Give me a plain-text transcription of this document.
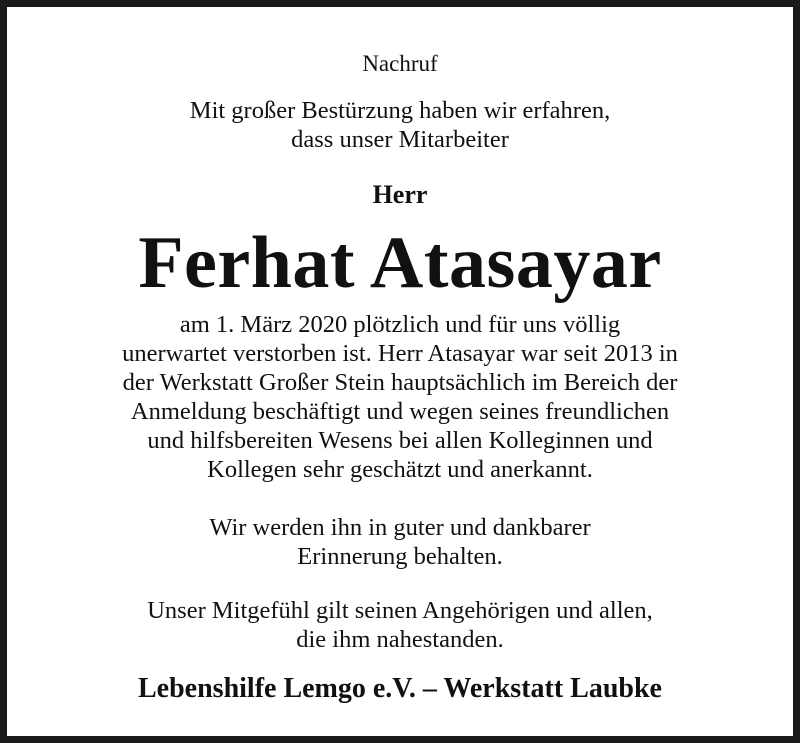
Nachruf
Mit großer Bestürzung haben wir erfahren,
dass unser Mitarbeiter
Herr
Ferhat Atasayar
am 1. März 2020 plötzlich und für uns völlig
unerwartet verstorben ist. Herr Atasayar war seit 2013 in
der Werkstatt Großer Stein hauptsächlich im Bereich der
Anmeldung beschäftigt und wegen seines freundlichen
und hilfsbereiten Wesens bei allen Kolleginnen und
Kollegen sehr geschätzt und anerkannt.
Wir werden ihn in guter und dankbarer
Erinnerung behalten.
Unser Mitgefühl gilt seinen Angehörigen und allen,
die ihm nahestanden.
Lebenshilfe Lemgo e.V. – Werkstatt Laubke
